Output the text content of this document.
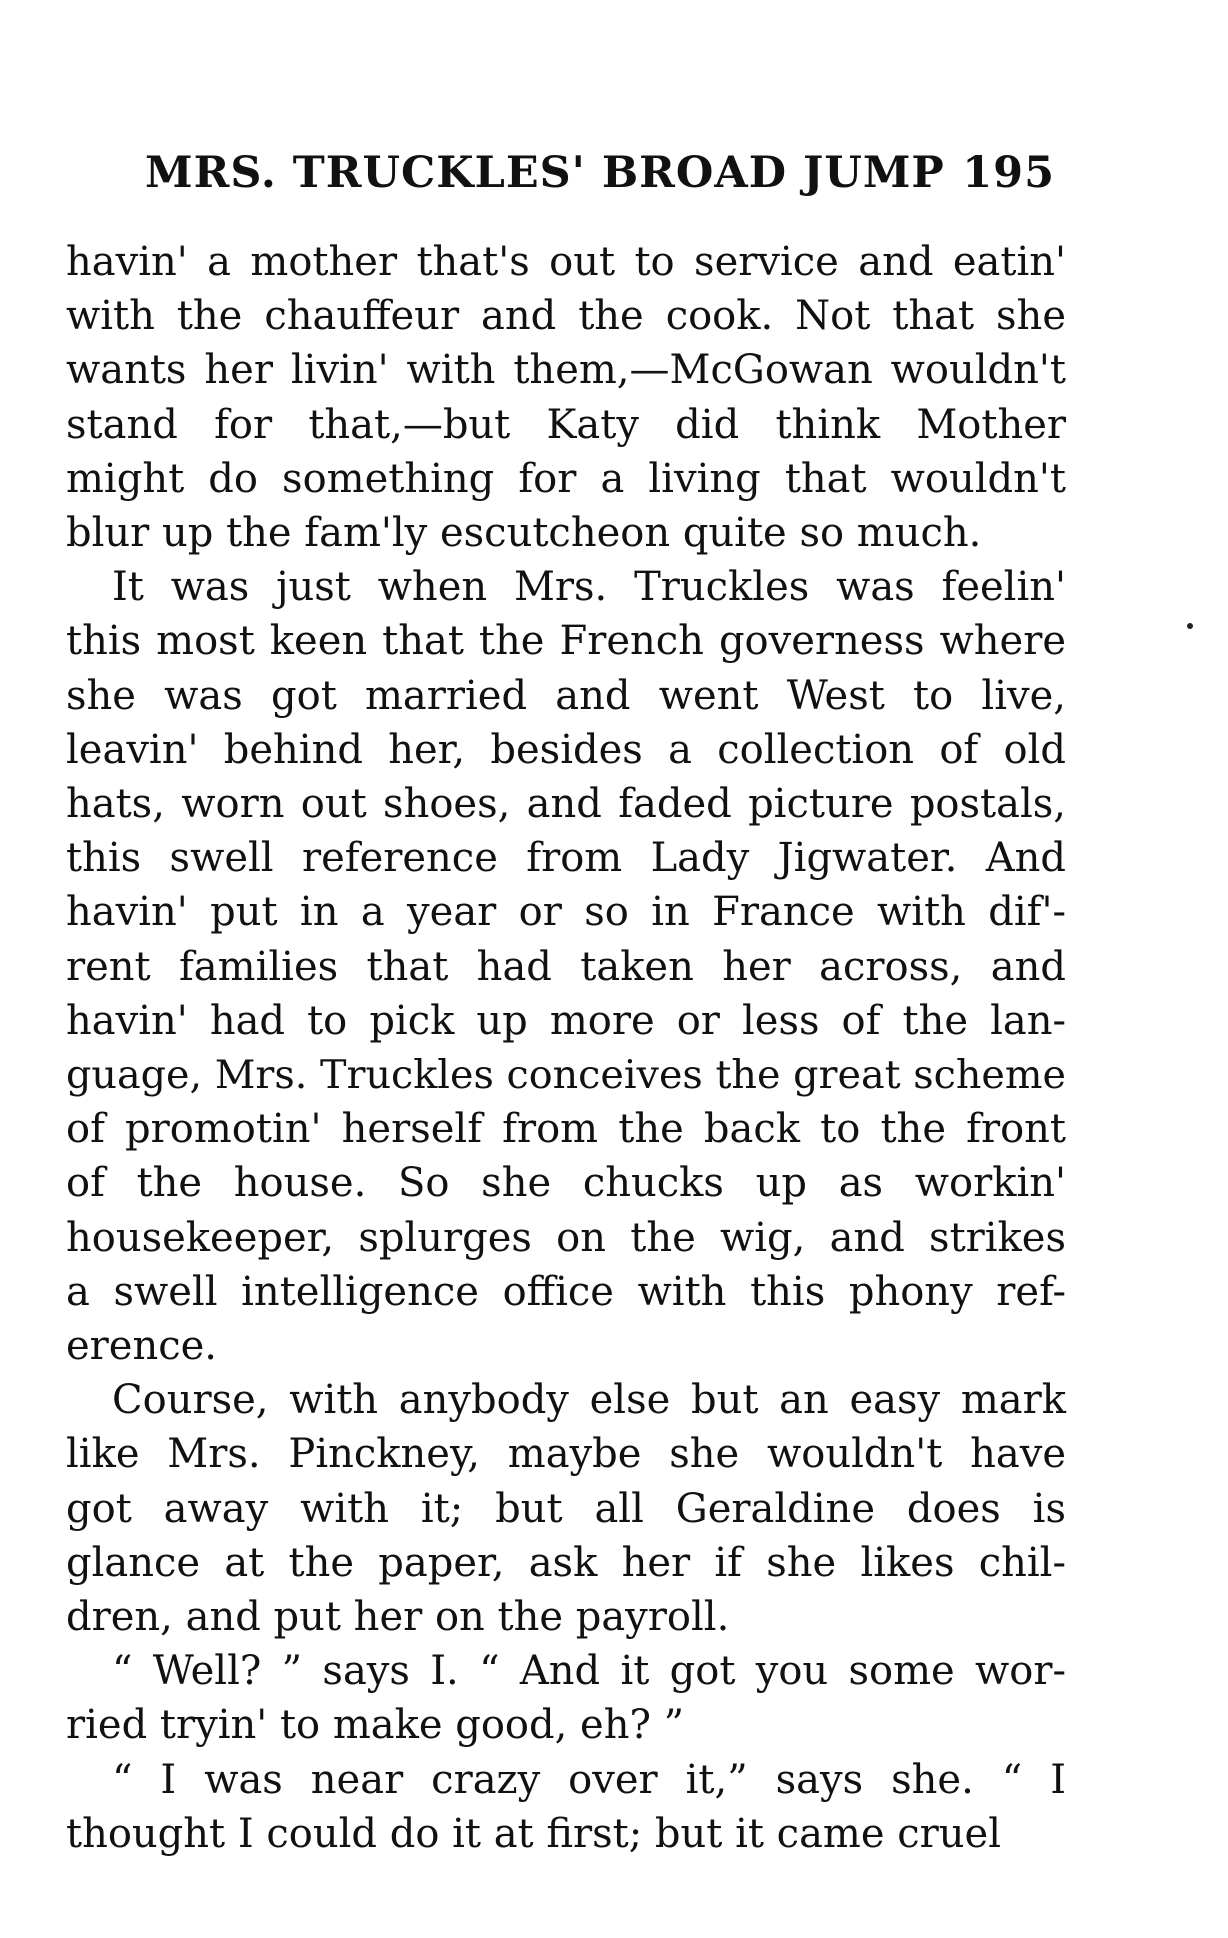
MRS. TRUCKLES' BROAD JUMP 195

havin' a mother that's out to service and eatin'
with the chauffeur and the cook. Not that she
wants her livin' with them,—McGowan wouldn't
stand for that,—but Katy did think Mother
might do something for a living that wouldn't
blur up the fam'ly escutcheon quite so much.

It was just when Mrs. Truckles was feelin'
this most keen that the French governess where
she was got married and went West to live,
leavin' behind her, besides a collection of old
hats, worn out shoes, and faded picture postals,
this swell reference from Lady Jigwater. And
havin' put in a year or so in France with dif'-
rent families that had taken her across, and
havin' had to pick up more or less of the lan-
guage, Mrs. Truckles conceives the great scheme
of promotin' herself from the back to the front
of the house. So she chucks up as workin'
housekeeper, splurges on the wig, and strikes
a swell intelligence office with this phony ref-
erence.

Course, with anybody else but an easy mark
like Mrs. Pinckney, maybe she wouldn't have
got away with it; but all Geraldine does is
glance at the paper, ask her if she likes chil-
dren, and put her on the payroll.

“ Well? ” says I. “ And it got you some wor-
ried tryin' to make good, eh? ”

“ I was near crazy over it,” says she. “ I
thought I could do it at first; but it came cruel
